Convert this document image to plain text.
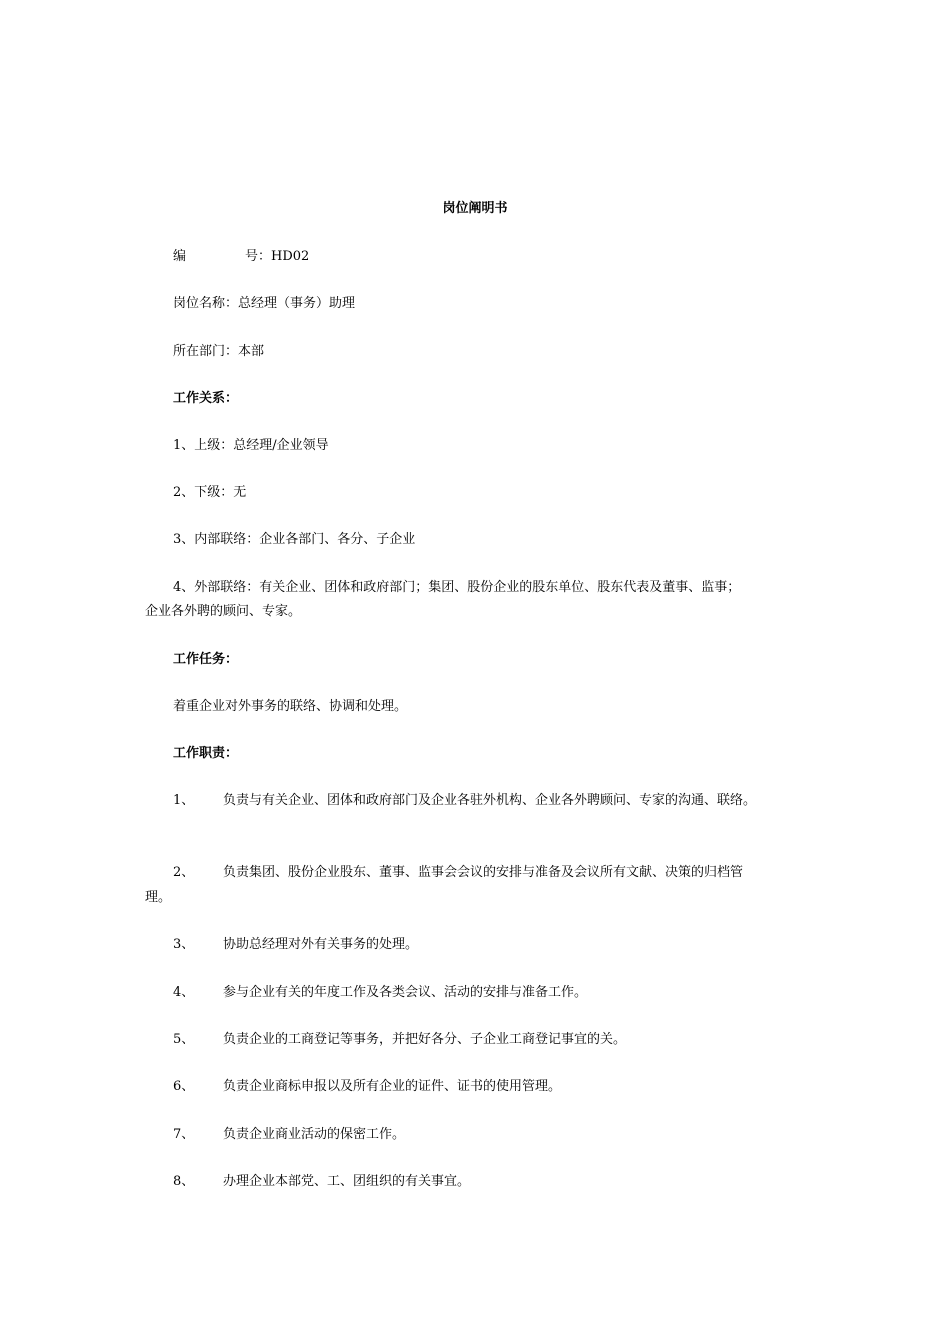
岗位阐明书
编	号：HD02
岗位名称：总经理（事务）助理
所在部门：本部
工作关系：
1、上级：总经理/企业领导
2、下级：无
3、内部联络：企业各部门、各分、子企业
4、外部联络：有关企业、团体和政府部门；集团、股份企业的股东单位、股东代表及董事、监事；
企业各外聘的顾问、专家。
工作任务：
着重企业对外事务的联络、协调和处理。
工作职责：
1、 负责与有关企业、团体和政府部门及企业各驻外机构、企业各外聘顾问、专家的沟通、联络。
2、 负责集团、股份企业股东、董事、监事会会议的安排与准备及会议所有文献、决策的归档管
理。
3、 协助总经理对外有关事务的处理。
4、 参与企业有关的年度工作及各类会议、活动的安排与准备工作。
5、 负责企业的工商登记等事务，并把好各分、子企业工商登记事宜的关。
6、 负责企业商标申报以及所有企业的证件、证书的使用管理。
7、 负责企业商业活动的保密工作。
8、 办理企业本部党、工、团组织的有关事宜。
